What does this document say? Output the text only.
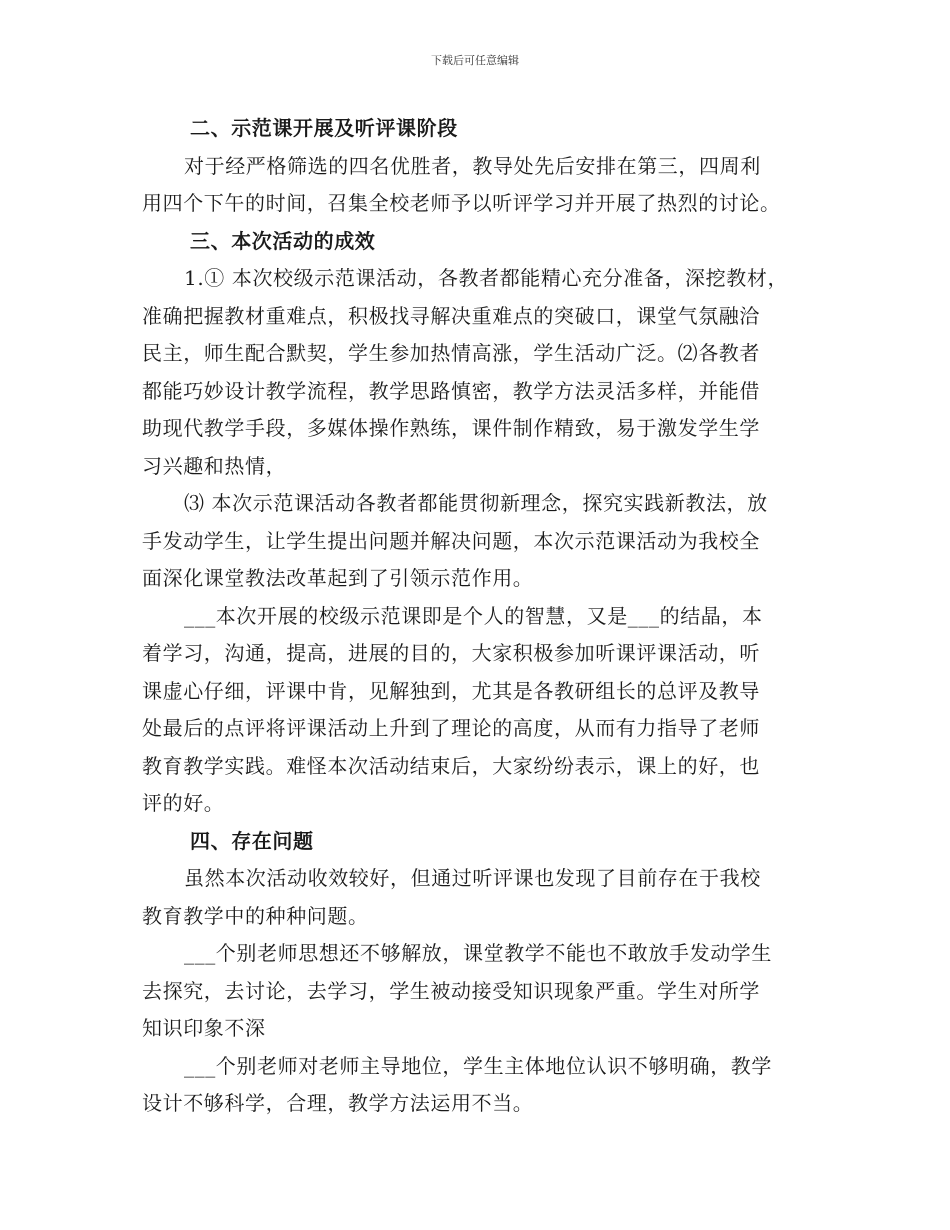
下载后可任意编辑
二、示范课开展及听评课阶段
对于经严格筛选的四名优胜者，教导处先后安排在第三，四周利
用四个下午的时间，召集全校老师予以听评学习并开展了热烈的讨论。
三、本次活动的成效
1.① 本次校级示范课活动，各教者都能精心充分准备，深挖教材，
准确把握教材重难点，积极找寻解决重难点的突破口，课堂气氛融洽
民主，师生配合默契，学生参加热情高涨，学生活动广泛。⑵各教者
都能巧妙设计教学流程，教学思路慎密，教学方法灵活多样，并能借
助现代教学手段，多媒体操作熟练，课件制作精致，易于激发学生学
习兴趣和热情，
⑶ 本次示范课活动各教者都能贯彻新理念，探究实践新教法，放
手发动学生，让学生提出问题并解决问题，本次示范课活动为我校全
面深化课堂教法改革起到了引领示范作用。
___本次开展的校级示范课即是个人的智慧，又是___的结晶，本
着学习，沟通，提高，进展的目的，大家积极参加听课评课活动，听
课虚心仔细，评课中肯，见解独到，尤其是各教研组长的总评及教导
处最后的点评将评课活动上升到了理论的高度，从而有力指导了老师
教育教学实践。难怪本次活动结束后，大家纷纷表示，课上的好，也
评的好。
四、存在问题
虽然本次活动收效较好，但通过听评课也发现了目前存在于我校
教育教学中的种种问题。
___个别老师思想还不够解放，课堂教学不能也不敢放手发动学生
去探究，去讨论，去学习，学生被动接受知识现象严重。学生对所学
知识印象不深
___个别老师对老师主导地位，学生主体地位认识不够明确，教学
设计不够科学，合理，教学方法运用不当。
